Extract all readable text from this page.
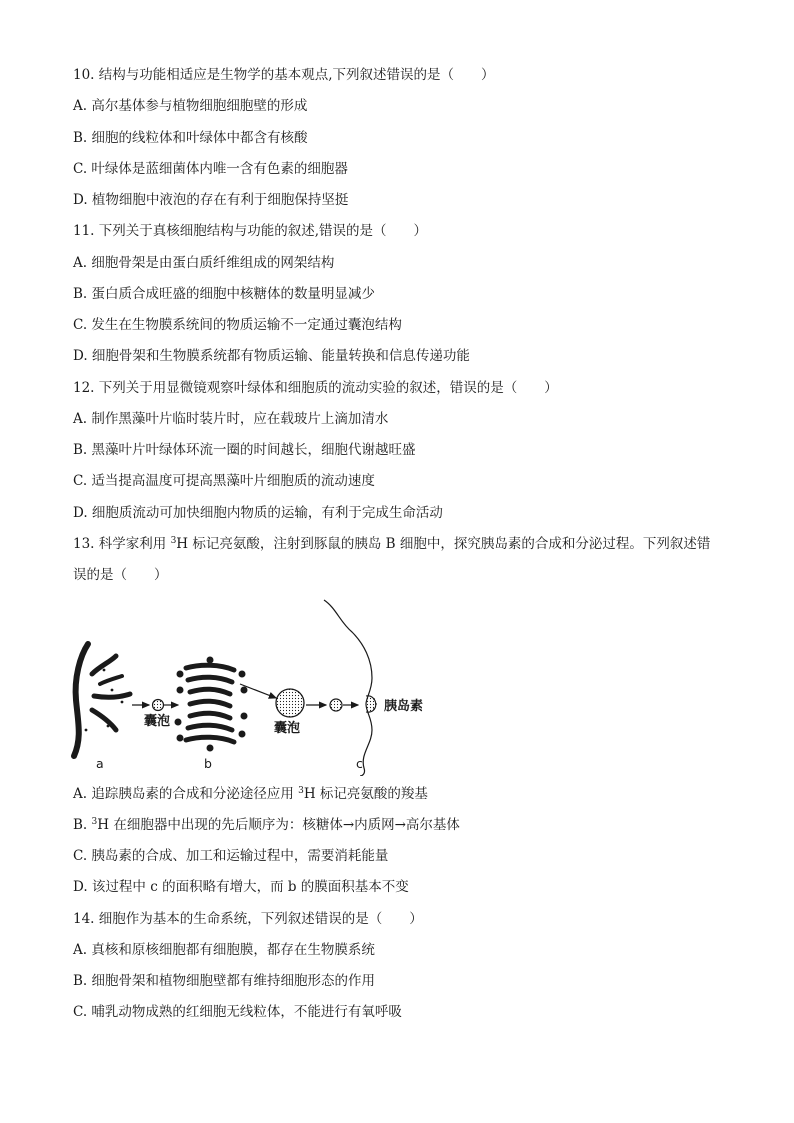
10. 结构与功能相适应是生物学的基本观点,下列叙述错误的是（　　）
A. 高尔基体参与植物细胞细胞壁的形成
B. 细胞的线粒体和叶绿体中都含有核酸
C. 叶绿体是蓝细菌体内唯一含有色素的细胞器
D. 植物细胞中液泡的存在有利于细胞保持坚挺
11. 下列关于真核细胞结构与功能的叙述,错误的是（　　）
A. 细胞骨架是由蛋白质纤维组成的网架结构
B. 蛋白质合成旺盛的细胞中核糖体的数量明显减少
C. 发生在生物膜系统间的物质运输不一定通过囊泡结构
D. 细胞骨架和生物膜系统都有物质运输、能量转换和信息传递功能
12. 下列关于用显微镜观察叶绿体和细胞质的流动实验的叙述，错误的是（　　）
A. 制作黑藻叶片临时装片时，应在载玻片上滴加清水
B. 黑藻叶片叶绿体环流一圈的时间越长，细胞代谢越旺盛
C. 适当提高温度可提高黑藻叶片细胞质的流动速度
D. 细胞质流动可加快细胞内物质的运输，有利于完成生命活动
13. 科学家利用 $^3$H 标记亮氨酸，注射到豚鼠的胰岛 B 细胞中，探究胰岛素的合成和分泌过程。下列叙述错
误的是（　　）
囊泡	囊泡
胰岛素
a	b	c
A. 追踪胰岛素的合成和分泌途径应用 $^3$H 标记亮氨酸的羧基
B. $^3$H 在细胞器中出现的先后顺序为：核糖体→内质网→高尔基体
C. 胰岛素的合成、加工和运输过程中，需要消耗能量
D. 该过程中 c 的面积略有增大，而 b 的膜面积基本不变
14. 细胞作为基本的生命系统，下列叙述错误的是（　　）
A. 真核和原核细胞都有细胞膜，都存在生物膜系统
B. 细胞骨架和植物细胞壁都有维持细胞形态的作用
C. 哺乳动物成熟的红细胞无线粒体，不能进行有氧呼吸
